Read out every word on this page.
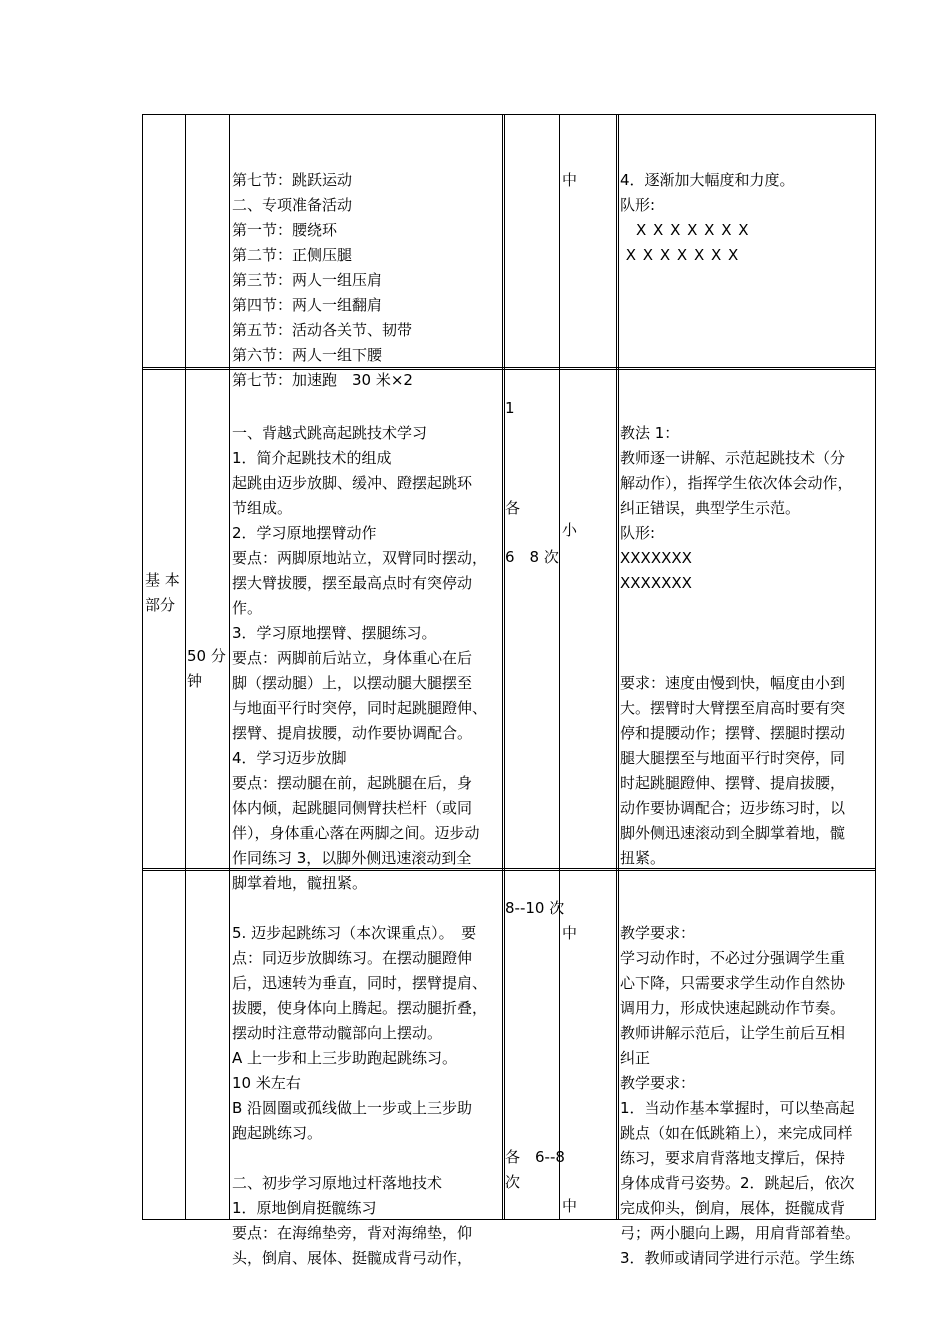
第七节：跳跃运动
二、专项准备活动
第一节：腰绕环
第二节：正侧压腿
第三节：两人一组压肩
第四节：两人一组翻肩
第五节：活动各关节、韧带
第六节：两人一组下腰
第七节：加速跑　30 米×2

中

	4．逐渐加大幅度和力度。
队形:
　X X X X X X X
X X X X X X X

基 本
部分

50 分
钟

一、背越式跳高起跳技术学习
1．简介起跳技术的组成
起跳由迈步放脚、缓冲、蹬摆起跳环
节组成。
2．学习原地摆臂动作
要点：两脚原地站立，双臂同时摆动，
摆大臂拔腰，摆至最高点时有突停动
作。
3．学习原地摆臂、摆腿练习。
要点：两脚前后站立，身体重心在后
脚（摆动腿）上，以摆动腿大腿摆至
与地面平行时突停，同时起跳腿蹬伸、
摆臂、提肩拔腰，动作要协调配合。
4．学习迈步放脚
要点：摆动腿在前，起跳腿在后，身
体内倾，起跳腿同侧臂扶栏杆（或同
伴），身体重心落在两脚之间。迈步动
作同练习 3，以脚外侧迅速滚动到全
脚掌着地，髋扭紧。

1
各
6　8 次
小

教法 1：
教师逐一讲解、示范起跳技术（分
解动作），指挥学生依次体会动作，
纠正错误，典型学生示范。
队形:
XXXXXXX
XXXXXXX

要求：速度由慢到快，幅度由小到
大。摆臂时大臂摆至肩高时要有突
停和提腰动作；摆臂、摆腿时摆动
腿大腿摆至与地面平行时突停，同
时起跳腿蹬伸、摆臂、提肩拔腰，
动作要协调配合；迈步练习时，以
脚外侧迅速滚动到全脚掌着地，髋
扭紧。

5. 迈步起跳练习（本次课重点）。　要
点：同迈步放脚练习。在摆动腿蹬伸
后，迅速转为垂直，同时，摆臂提肩、
拔腰，使身体向上腾起。摆动腿折叠，
摆动时注意带动髋部向上摆动。
A 上一步和上三步助跑起跳练习。
10 米左右
B 沿圆圈或孤线做上一步或上三步助
跑起跳练习。
二、初步学习原地过杆落地技术
1．原地倒肩挺髋练习
要点：在海绵垫旁，背对海绵垫，仰
头，倒肩、展体、挺髋成背弓动作，

8--10 次

各　6--8
次

中
中

教学要求：
学习动作时，不必过分强调学生重
心下降，只需要求学生动作自然协
调用力，形成快速起跳动作节奏。
教师讲解示范后，让学生前后互相
纠正
教学要求：
1．当动作基本掌握时，可以垫高起
跳点（如在低跳箱上），来完成同样
练习，要求肩背落地支撑后，保持
身体成背弓姿势。2．跳起后，依次
完成仰头，倒肩，展体，挺髋成背
弓；两小腿向上踢，用肩背部着垫。
3．教师或请同学进行示范。学生练
